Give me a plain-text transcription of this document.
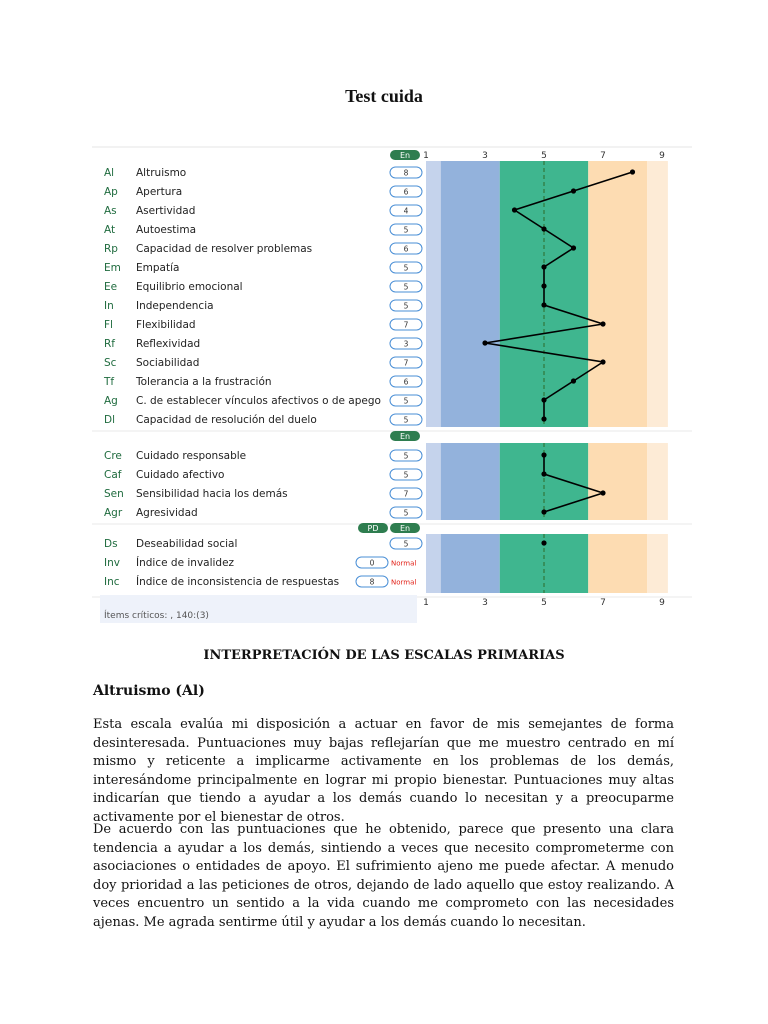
Test cuida
1
1
3
3
5
5
7
7
9
9
En
En
PD	En
Al Altruismo	8
Ap Apertura	6
As Asertividad	4
At Autoestima	5
Rp Capacidad de resolver problemas	6
Em Empatía	5
Ee Equilibrio emocional	5
In Independencia	5
Fl Flexibilidad	7
Rf Reflexividad	3
Sc Sociabilidad	7
Tf Tolerancia a la frustración	6
Ag C. de establecer vínculos afectivos o de apego	5
Dl Capacidad de resolución del duelo	5
Cre Cuidado responsable	5
Caf Cuidado afectivo	5
Sen Sensibilidad hacia los demás	7
Agr Agresividad	5
Ds Deseabilidad social	5
Inv Índice de invalidez	0 Normal
Inc Índice de inconsistencia de respuestas	8 Normal
Ítems críticos: , 140:(3)
INTERPRETACIÓN DE LAS ESCALAS PRIMARIAS
Altruismo (Al)

Esta escala evalúa mi disposición a actuar en favor de mis semejantes de forma desinteresada. Puntuaciones muy bajas reflejarían que me muestro centrado en mí mismo y reticente a implicarme activamente en los problemas de los demás, interesándome principalmente en lograr mi propio bienestar. Puntuaciones muy altas indicarían que tiendo a ayudar a los demás cuando lo necesitan y a preocuparme activamente por el bienestar de otros.

De acuerdo con las puntuaciones que he obtenido, parece que presento una clara tendencia a ayudar a los demás, sintiendo a veces que necesito comprometerme con asociaciones o entidades de apoyo. El sufrimiento ajeno me puede afectar. A menudo doy prioridad a las peticiones de otros, dejando de lado aquello que estoy realizando. A veces encuentro un sentido a la vida cuando me comprometo con las necesidades ajenas. Me agrada sentirme útil y ayudar a los demás cuando lo necesitan.
